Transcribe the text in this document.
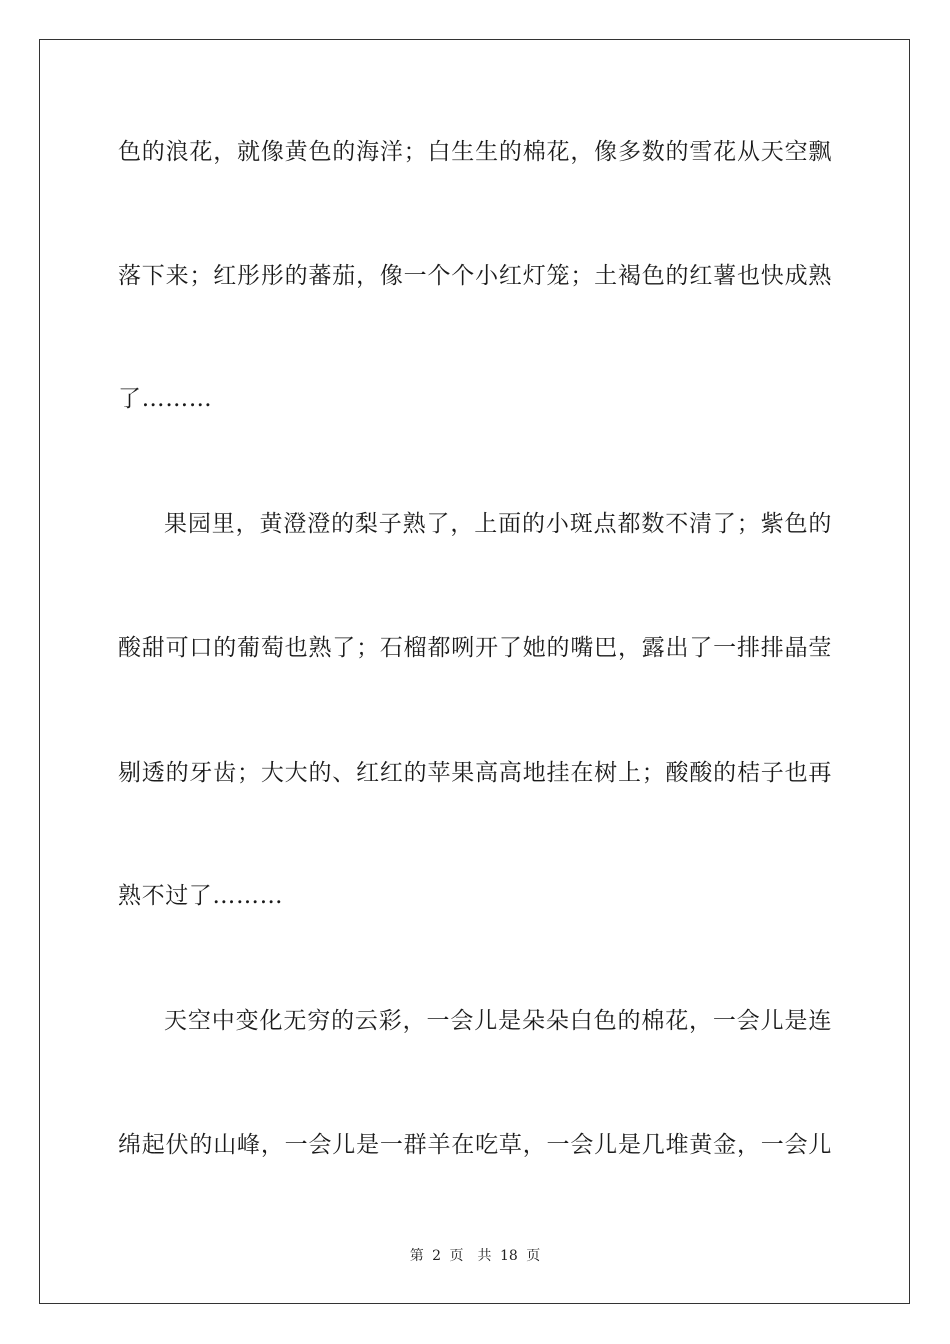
色的浪花，就像黄色的海洋；白生生的棉花，像多数的雪花从天空飘
落下来；红彤彤的蕃茄，像一个个小红灯笼；土褐色的红薯也快成熟
了………
果园里，黄澄澄的梨子熟了，上面的小斑点都数不清了；紫色的
酸甜可口的葡萄也熟了；石榴都咧开了她的嘴巴，露出了一排排晶莹
剔透的牙齿；大大的、红红的苹果高高地挂在树上；酸酸的桔子也再
熟不过了………
天空中变化无穷的云彩，一会儿是朵朵白色的棉花，一会儿是连
绵起伏的山峰，一会儿是一群羊在吃草，一会儿是几堆黄金，一会儿
第 2 页　共 18 页
